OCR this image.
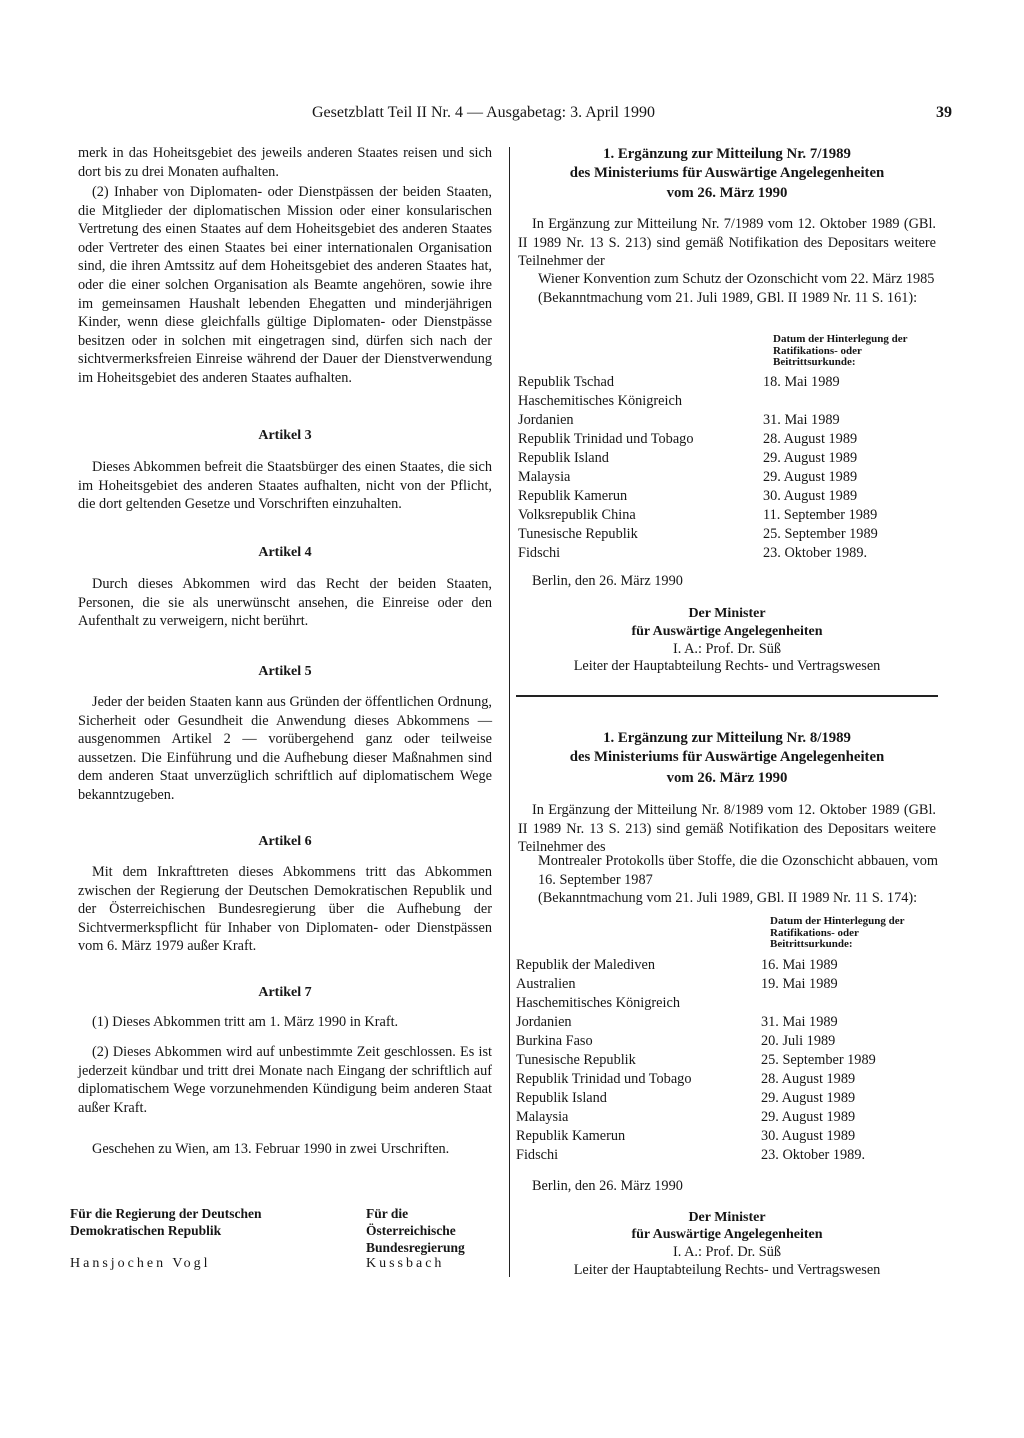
Gesetzblatt Teil II Nr. 4 — Ausgabetag: 3. April 1990	39

merk in das Hoheitsgebiet des jeweils anderen Staates reisen und sich dort bis zu drei Monaten aufhalten.

(2) Inhaber von Diplomaten- oder Dienstpässen der beiden Staaten, die Mitglieder der diplomatischen Mission oder einer konsularischen Vertretung des einen Staates auf dem Hoheitsgebiet des anderen Staates oder Vertreter des einen Staates bei einer internationalen Organisation sind, die ihren Amtssitz auf dem Hoheitsgebiet des anderen Staates hat, oder die einer solchen Organisation als Beamte angehören, sowie ihre im gemeinsamen Haushalt lebenden Ehegatten und minderjährigen Kinder, wenn diese gleichfalls gültige Diplomaten- oder Dienstpässe besitzen oder in solchen mit eingetragen sind, dürfen sich nach der sichtvermerksfreien Einreise während der Dauer der Dienstverwendung im Hoheitsgebiet des anderen Staates aufhalten.

Artikel 3

Dieses Abkommen befreit die Staatsbürger des einen Staates, die sich im Hoheitsgebiet des anderen Staates aufhalten, nicht von der Pflicht, die dort geltenden Gesetze und Vorschriften einzuhalten.

Artikel 4

Durch dieses Abkommen wird das Recht der beiden Staaten, Personen, die sie als unerwünscht ansehen, die Einreise oder den Aufenthalt zu verweigern, nicht berührt.

Artikel 5

Jeder der beiden Staaten kann aus Gründen der öffentlichen Ordnung, Sicherheit oder Gesundheit die Anwendung dieses Abkommens — ausgenommen Artikel 2 — vorübergehend ganz oder teilweise aussetzen. Die Einführung und die Aufhebung dieser Maßnahmen sind dem anderen Staat unverzüglich schriftlich auf diplomatischem Wege bekanntzugeben.

Artikel 6

Mit dem Inkrafttreten dieses Abkommens tritt das Abkommen zwischen der Regierung der Deutschen Demokratischen Republik und der Österreichischen Bundesregierung über die Aufhebung der Sichtvermerkspflicht für Inhaber von Diplomaten- oder Dienstpässen vom 6. März 1979 außer Kraft.

Artikel 7

(1) Dieses Abkommen tritt am 1. März 1990 in Kraft.

(2) Dieses Abkommen wird auf unbestimmte Zeit geschlossen. Es ist jederzeit kündbar und tritt drei Monate nach Eingang der schriftlich auf diplomatischem Wege vorzunehmenden Kündigung beim anderen Staat außer Kraft.

Geschehen zu Wien, am 13. Februar 1990 in zwei Urschriften.

Für die Regierung der Deutschen Demokratischen Republik
Hansjochen Vogl
Für die Österreichische Bundesregierung
Kussbach
1. Ergänzung zur Mitteilung Nr. 7/1989
des Ministeriums für Auswärtige Angelegenheiten
vom 26. März 1990

In Ergänzung zur Mitteilung Nr. 7/1989 vom 12. Oktober 1989 (GBl. II 1989 Nr. 13 S. 213) sind gemäß Notifikation des Depositars weitere Teilnehmer der

Wiener Konvention zum Schutz der Ozonschicht vom 22. März 1985

(Bekanntmachung vom 21. Juli 1989, GBl. II 1989 Nr. 11 S. 161):

Datum der Hinterlegung der Ratifikations- oder Beitrittsurkunde:
Republik Tschad	18. Mai 1989
Haschemitisches Königreich Jordanien	31. Mai 1989
Republik Trinidad und Tobago	28. August 1989
Republik Island	29. August 1989
Malaysia	29. August 1989
Republik Kamerun	30. August 1989
Volksrepublik China	11. September 1989
Tunesische Republik	25. September 1989
Fidschi	23. Oktober 1989.

Berlin, den 26. März 1990

Der Minister
für Auswärtige Angelegenheiten
I. A.: Prof. Dr. Süß
Leiter der Hauptabteilung Rechts- und Vertragswesen
1. Ergänzung zur Mitteilung Nr. 8/1989
des Ministeriums für Auswärtige Angelegenheiten
vom 26. März 1990

In Ergänzung der Mitteilung Nr. 8/1989 vom 12. Oktober 1989 (GBl. II 1989 Nr. 13 S. 213) sind gemäß Notifikation des Depositars weitere Teilnehmer des

Montrealer Protokolls über Stoffe, die die Ozonschicht abbauen, vom 16. September 1987

(Bekanntmachung vom 21. Juli 1989, GBl. II 1989 Nr. 11 S. 174):

Datum der Hinterlegung der Ratifikations- oder Beitrittsurkunde:
Republik der Malediven	16. Mai 1989
Australien	19. Mai 1989
Haschemitisches Königreich Jordanien	31. Mai 1989
Burkina Faso	20. Juli 1989
Tunesische Republik	25. September 1989
Republik Trinidad und Tobago	28. August 1989
Republik Island	29. August 1989
Malaysia	29. August 1989
Republik Kamerun	30. August 1989
Fidschi	23. Oktober 1989.

Berlin, den 26. März 1990

Der Minister
für Auswärtige Angelegenheiten
I. A.: Prof. Dr. Süß
Leiter der Hauptabteilung Rechts- und Vertragswesen
